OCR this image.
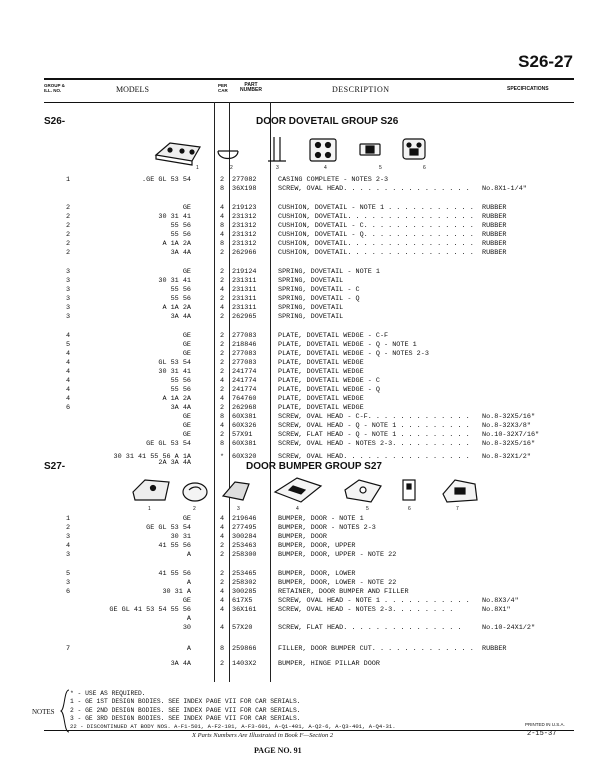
S26-27
GROUP &
ILL. NO.	MODELS	PER
CAR
PART
NUMBER	DESCRIPTION	SPECIFICATIONS
S26-	DOOR DOVETAIL GROUP S26
1	2	3	4	5	6
1	.GE GL 53 54	2	277082	CASING COMPLETE - NOTES 2-3
8	36X198	SCREW, OVAL HEAD. . . . . . . . . . . . . . . . No.8X1-1/4"
2	GE	4	219123	CUSHION, DOVETAIL - NOTE 1 . . . . . . . . . . . RUBBER
2	30 31 41	4	231312	CUSHION, DOVETAIL. . . . . . . . . . . . . . . . RUBBER
2	55 56	8	231312	CUSHION, DOVETAIL - C. . . . . . . . . . . . . . RUBBER
2	55 56	4	231312	CUSHION, DOVETAIL - Q. . . . . . . . . . . . . . RUBBER
2	A 1A 2A	8	231312	CUSHION, DOVETAIL. . . . . . . . . . . . . . . . RUBBER
2	3A 4A	2	262966	CUSHION, DOVETAIL. . . . . . . . . . . . . . . . RUBBER
3	GE	2	219124	SPRING, DOVETAIL - NOTE 1
3	30 31 41	2	231311	SPRING, DOVETAIL
3	55 56	4	231311	SPRING, DOVETAIL - C
3	55 56	2	231311	SPRING, DOVETAIL - Q
3	A 1A 2A	4	231311	SPRING, DOVETAIL
3	3A 4A	2	262965	SPRING, DOVETAIL
4	GE	2	277083	PLATE, DOVETAIL WEDGE - C-F
5	GE	2	218846	PLATE, DOVETAIL WEDGE - Q - NOTE 1
4	GE	2	277083	PLATE, DOVETAIL WEDGE - Q - NOTES 2-3
4	GL 53 54	2	277083	PLATE, DOVETAIL WEDGE
4	30 31 41	2	241774	PLATE, DOVETAIL WEDGE
4	55 56	4	241774	PLATE, DOVETAIL WEDGE - C
4	55 56	2	241774	PLATE, DOVETAIL WEDGE - Q
4	A 1A 2A	4	764760	PLATE, DOVETAIL WEDGE
6	3A 4A	2	262968	PLATE, DOVETAIL WEDGE
GE	8	60X381	SCREW, OVAL HEAD - C-F. . . . . . . . . . . . . No.8-32X5/16"
GE	4	60X326	SCREW, OVAL HEAD - Q - NOTE 1 . . . . . . . . . No.8-32X3/8"
GE	2	57X91	SCREW, FLAT HEAD - Q - NOTE 1 . . . . . . . . . No.10-32X7/16"
GE GL 53 54	8	60X381	SCREW, OVAL HEAD - NOTES 2-3. . . . . . . . . . No.8-32X5/16"
30 31 41 55 56 A 1A	*	60X320	SCREW, OVAL HEAD. . . . . . . . . . . . . . . . No.8-32X1/2"
2A 3A 4A
S27-	DOOR BUMPER GROUP S27
1	2	3	4	5	6	7
1	GE	4	219646	BUMPER, DOOR - NOTE 1
2	GE GL 53 54	4	277495	BUMPER, DOOR - NOTES 2-3
3	30 31	4	300284	BUMPER, DOOR
4	41 55 56	2	253463	BUMPER, DOOR, UPPER
3	A	2	258300	BUMPER, DOOR, UPPER - NOTE 22
5	41 55 56	2	253465	BUMPER, DOOR, LOWER
3	A	2	258302	BUMPER, DOOR, LOWER - NOTE 22
6	30 31 A	4	300285	RETAINER, DOOR BUMPER AND FILLER
GE	4	617X5	SCREW, OVAL HEAD - NOTE 1 . . . . . . . . . . . No.8X3/4"
GE GL 41 53 54 55 56	4	36X161	SCREW, OVAL HEAD - NOTES 2-3. . . . . . . .	No.8X1"
A
30	4	57X20	SCREW, FLAT HEAD. . . . . . . . . . . . . . .	No.10-24X1/2"
7	A	8	259866	FILLER, DOOR BUMPER CUT. . . . . . . . . . . . . RUBBER
3A 4A	2	1403X2	BUMPER, HINGE PILLAR DOOR
NOTES
* - USE AS REQUIRED.
1 - GE 1ST DESIGN BODIES. SEE INDEX PAGE VII FOR CAR SERIALS.
2 - GE 2ND DESIGN BODIES. SEE INDEX PAGE VII FOR CAR SERIALS.
3 - GE 3RD DESIGN BODIES. SEE INDEX PAGE VII FOR CAR SERIALS.
22 - DISCONTINUED AT BODY NOS. A-F1-501, A-F2-101, A-F3-601, A-Q1-401, A-Q2-6, A-Q3-401, A-Q4-31.	PRINTED IN U.S.A.
2-15-37
X Parts Numbers Are Illustrated in Book F—Section 2
PAGE NO. 91
